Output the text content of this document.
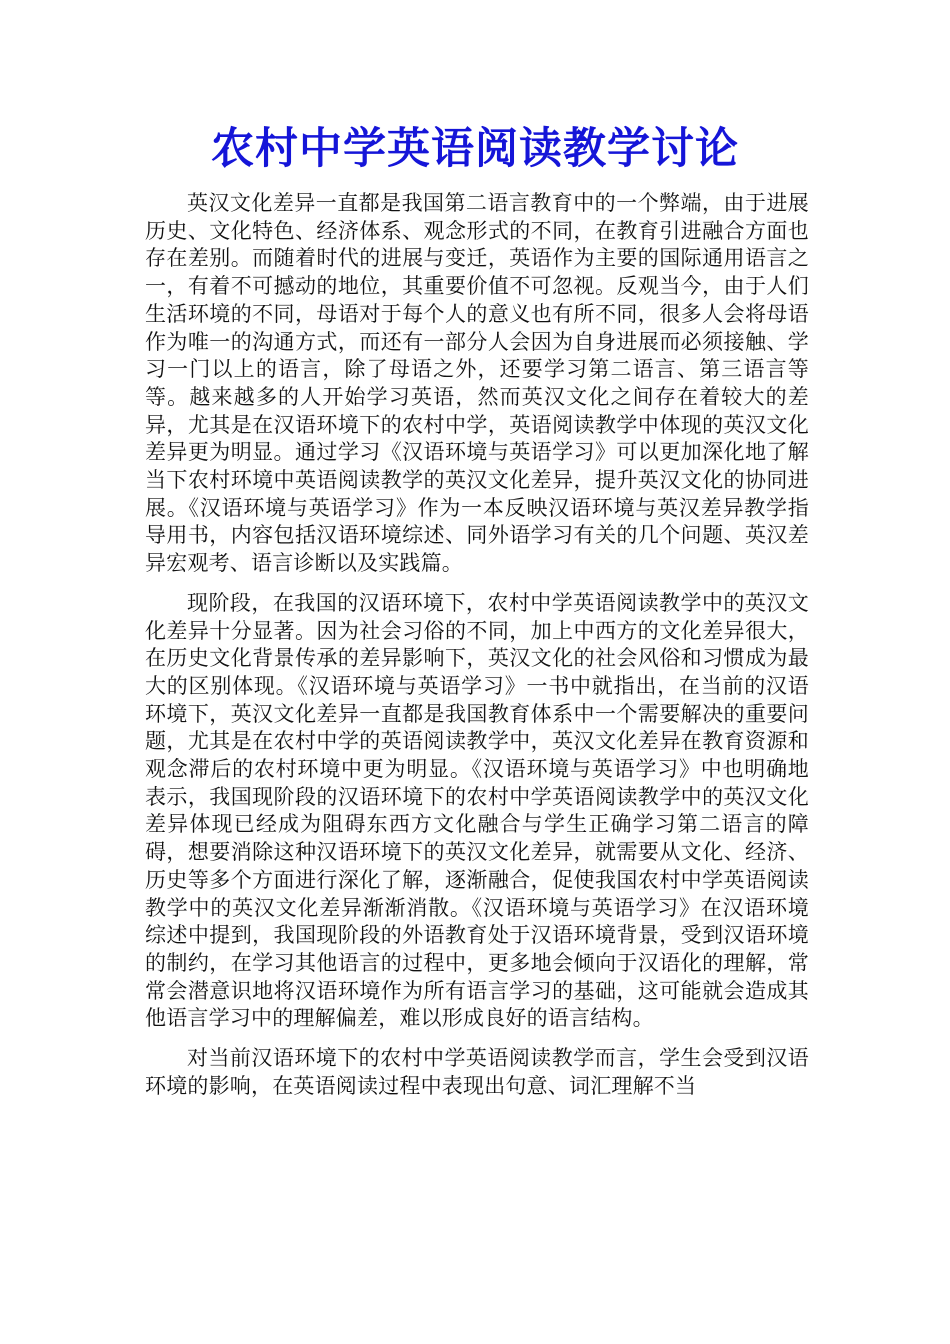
农村中学英语阅读教学讨论

英汉文化差异一直都是我国第二语言教育中的一个弊端，由于进展历史、文化特色、经济体系、观念形式的不同，在教育引进融合方面也存在差别。而随着时代的进展与变迁，英语作为主要的国际通用语言之一，有着不可撼动的地位，其重要价值不可忽视。反观当今，由于人们生活环境的不同，母语对于每个人的意义也有所不同，很多人会将母语作为唯一的沟通方式，而还有一部分人会因为自身进展而必须接触、学习一门以上的语言，除了母语之外，还要学习第二语言、第三语言等等。越来越多的人开始学习英语，然而英汉文化之间存在着较大的差异，尤其是在汉语环境下的农村中学，英语阅读教学中体现的英汉文化差异更为明显。通过学习《汉语环境与英语学习》可以更加深化地了解当下农村环境中英语阅读教学的英汉文化差异，提升英汉文化的协同进展。《汉语环境与英语学习》作为一本反映汉语环境与英汉差异教学指导用书，内容包括汉语环境综述、同外语学习有关的几个问题、英汉差异宏观考、语言诊断以及实践篇。

现阶段，在我国的汉语环境下，农村中学英语阅读教学中的英汉文化差异十分显著。因为社会习俗的不同，加上中西方的文化差异很大，在历史文化背景传承的差异影响下，英汉文化的社会风俗和习惯成为最大的区别体现。《汉语环境与英语学习》一书中就指出，在当前的汉语环境下，英汉文化差异一直都是我国教育体系中一个需要解决的重要问题，尤其是在农村中学的英语阅读教学中，英汉文化差异在教育资源和观念滞后的农村环境中更为明显。《汉语环境与英语学习》中也明确地表示，我国现阶段的汉语环境下的农村中学英语阅读教学中的英汉文化差异体现已经成为阻碍东西方文化融合与学生正确学习第二语言的障碍，想要消除这种汉语环境下的英汉文化差异，就需要从文化、经济、历史等多个方面进行深化了解，逐渐融合，促使我国农村中学英语阅读教学中的英汉文化差异渐渐消散。《汉语环境与英语学习》在汉语环境综述中提到，我国现阶段的外语教育处于汉语环境背景，受到汉语环境的制约，在学习其他语言的过程中，更多地会倾向于汉语化的理解，常常会潜意识地将汉语环境作为所有语言学习的基础，这可能就会造成其他语言学习中的理解偏差，难以形成良好的语言结构。

对当前汉语环境下的农村中学英语阅读教学而言，学生会受到汉语环境的影响，在英语阅读过程中表现出句意、词汇理解不当
